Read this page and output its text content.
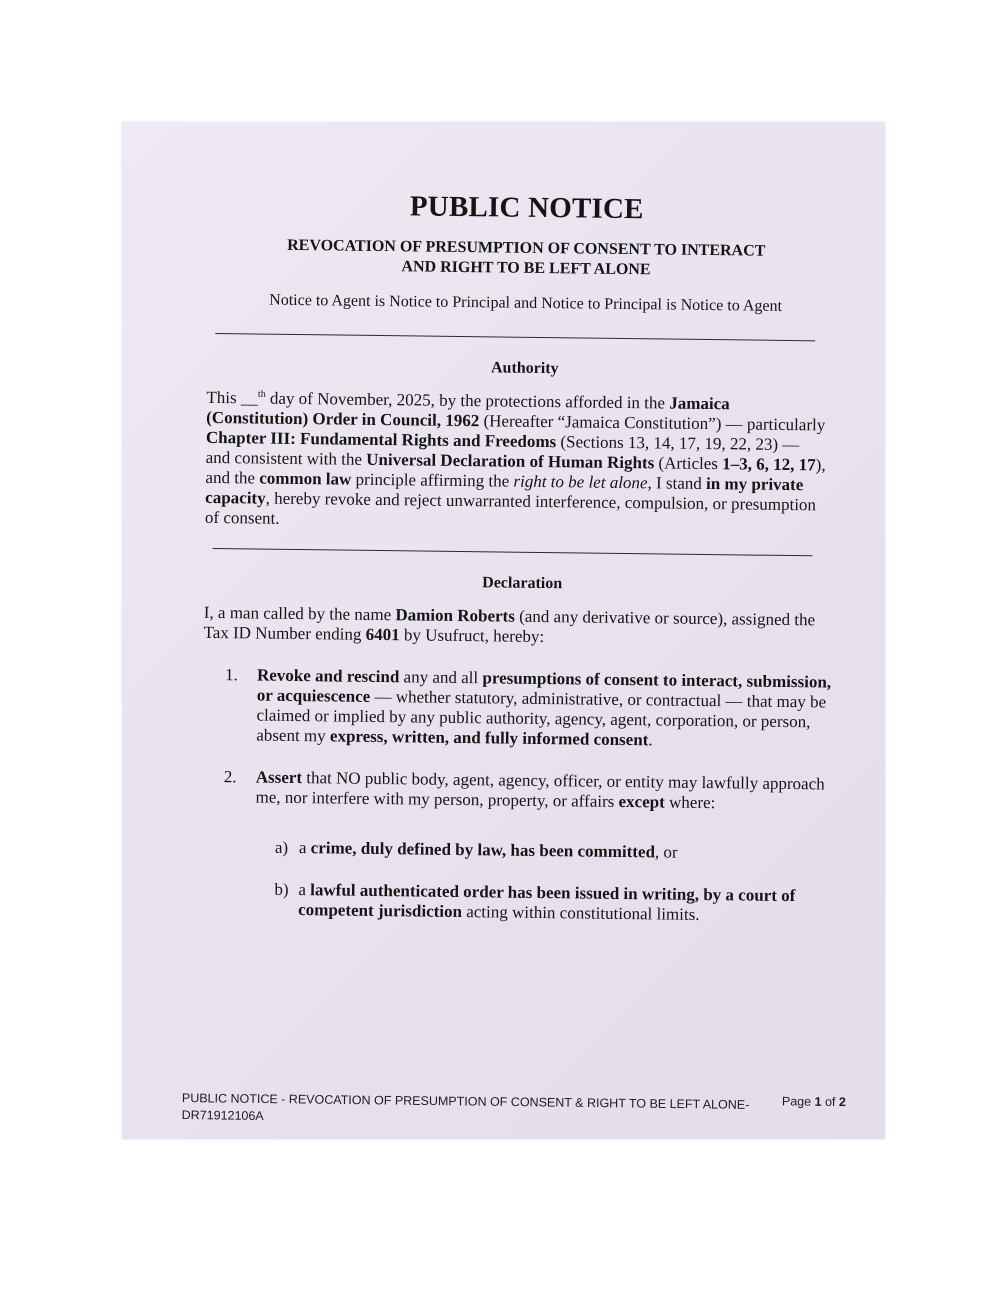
PUBLIC NOTICE
REVOCATION OF PRESUMPTION OF CONSENT TO INTERACT
AND RIGHT TO BE LEFT ALONE
Notice to Agent is Notice to Principal and Notice to Principal is Notice to Agent
Authority

This __$^{th}$ day of November, 2025, by the protections afforded in the Jamaica (Constitution) Order in Council, 1962 (Hereafter “Jamaica Constitution”) — particularly Chapter III: Fundamental Rights and Freedoms (Sections 13, 14, 17, 19, 22, 23) — and consistent with the Universal Declaration of Human Rights (Articles 1–3, 6, 12, 17), and the common law principle affirming the right to be let alone, I stand in my private capacity, hereby revoke and reject unwarranted interference, compulsion, or presumption of consent.

Declaration

I, a man called by the name Damion Roberts (and any derivative or source), assigned the Tax ID Number ending 6401 by Usufruct, hereby:

1. Revoke and rescind any and all presumptions of consent to interact, submission, or acquiescence — whether statutory, administrative, or contractual — that may be claimed or implied by any public authority, agency, agent, corporation, or person, absent my express, written, and fully informed consent.
2. Assert that NO public body, agent, agency, officer, or entity may lawfully approach me, nor interfere with my person, property, or affairs except where:
a) a crime, duly defined by law, has been committed, or
b) a lawful authenticated order has been issued in writing, by a court of competent jurisdiction acting within constitutional limits.
PUBLIC NOTICE - REVOCATION OF PRESUMPTION OF CONSENT & RIGHT TO BE LEFT ALONE-
DR71912106A
Page 1 of 2
